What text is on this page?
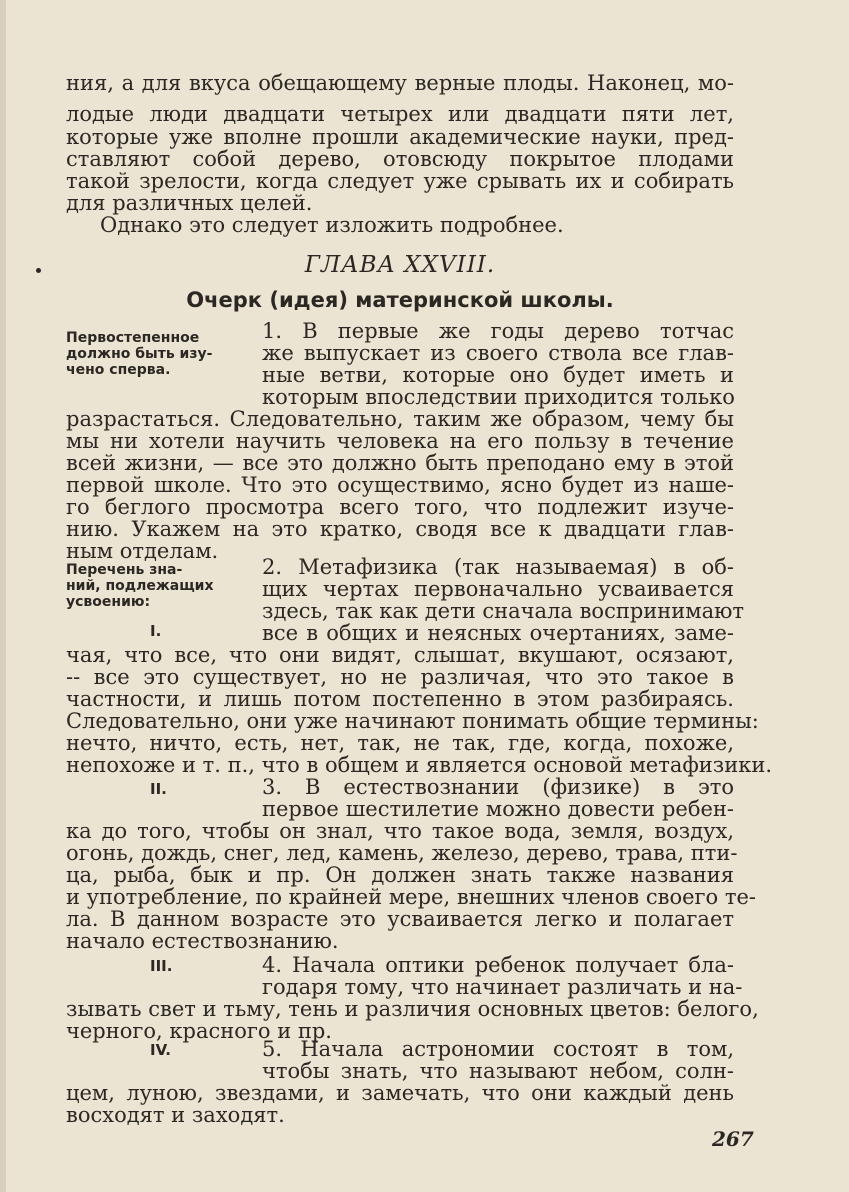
ния, а для вкуса обещающему верные плоды. Наконец, мо-
лодые люди двадцати четырех или двадцати пяти лет,
которые уже вполне прошли академические науки, пред-
ставляют собой дерево, отовсюду покрытое плодами
такой зрелости, когда следует уже срывать их и собирать
для различных целей.
Однако это следует изложить подробнее.
ГЛАВА XXVIII.
Очерк (идея) материнской школы.
Первостепенное
должно быть изу-
чено сперва.
Перечень зна-
ний, подлежащих
усвоению:
I.
II.
III.
IV.
1. В первые же годы дерево тотчас
же выпускает из своего ствола все глав-
ные ветви, которые оно будет иметь и
которым впоследствии приходится только
разрастаться. Следовательно, таким же образом, чему бы
мы ни хотели научить человека на его пользу в течение
всей жизни, — все это должно быть преподано ему в этой
первой школе. Что это осуществимо, ясно будет из наше-
го беглого просмотра всего того, что подлежит изуче-
нию. Укажем на это кратко, сводя все к двадцати глав-
ным отделам.
2. Метафизика (так называемая) в об-
щих чертах первоначально усваивается
здесь, так как дети сначала воспринимают
все в общих и неясных очертаниях, заме-
чая, что все, что они видят, слышат, вкушают, осязают,
-- все это существует, но не различая, что это такое в
частности, и лишь потом постепенно в этом разбираясь.
Следовательно, они уже начинают понимать общие термины:
нечто, ничто, есть, нет, так, не так, где, когда, похоже,
непохоже и т. п., что в общем и является основой метафизики.
3. В естествознании (физике) в это
первое шестилетие можно довести ребен-
ка до того, чтобы он знал, что такое вода, земля, воздух,
огонь, дождь, снег, лед, камень, железо, дерево, трава, пти-
ца, рыба, бык и пр. Он должен знать также названия
и употребление, по крайней мере, внешних членов своего те-
ла. В данном возрасте это усваивается легко и полагает
начало естествознанию.
4. Начала оптики ребенок получает бла-
годаря тому, что начинает различать и на-
зывать свет и тьму, тень и различия основных цветов: белого,
черного, красного и пр.
5. Начала астрономии состоят в том,
чтобы знать, что называют небом, солн-
цем, луною, звездами, и замечать, что они каждый день
восходят и заходят.
267
